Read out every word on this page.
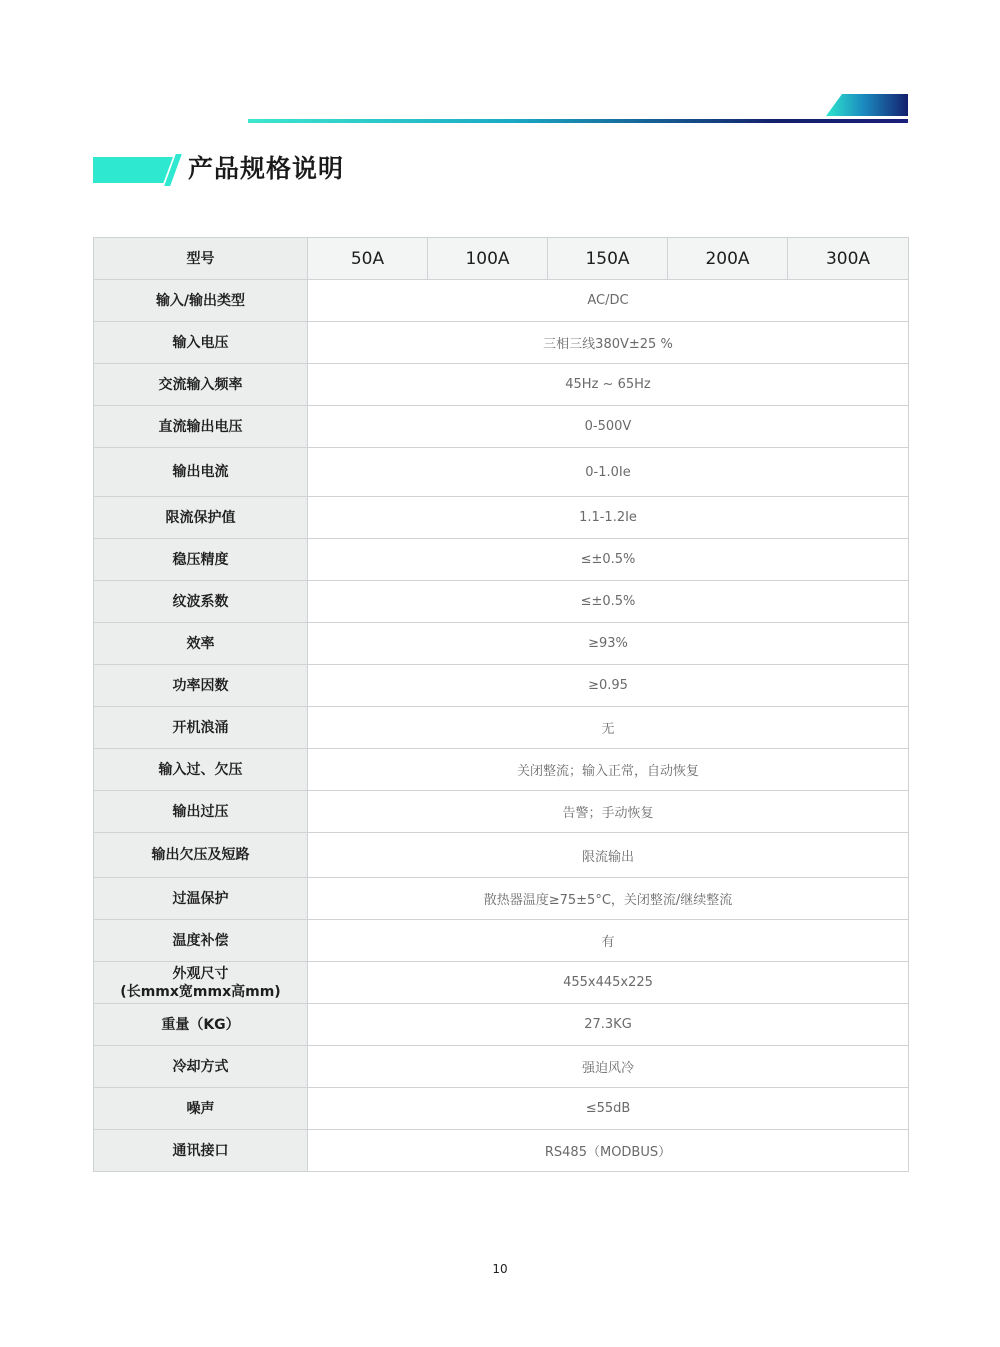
产品规格说明
型号	50A	100A	150A	200A	300A
输入/输出类型	AC/DC				
输入电压	三相三线380V±25 %				
交流输入频率	45Hz ~ 65Hz				
直流输出电压	0-500V				
输出电流	0-1.0Ie				
限流保护值	1.1-1.2Ie				
稳压精度	≤±0.5%				
纹波系数	≤±0.5%				
效率	≥93%				
功率因数	≥0.95				
开机浪涌	无				
输入过、欠压	关闭整流；输入正常，自动恢复				
输出过压	告警；手动恢复				
输出欠压及短路	限流输出				
过温保护	散热器温度≥75±5°C，关闭整流/继续整流				
温度补偿	有				
外观尺寸
(长mmx宽mmx高mm)	455x445x225				
重量（KG）	27.3KG				
冷却方式	强迫风冷				
噪声	≤55dB				
通讯接口	RS485（MODBUS）				
10
